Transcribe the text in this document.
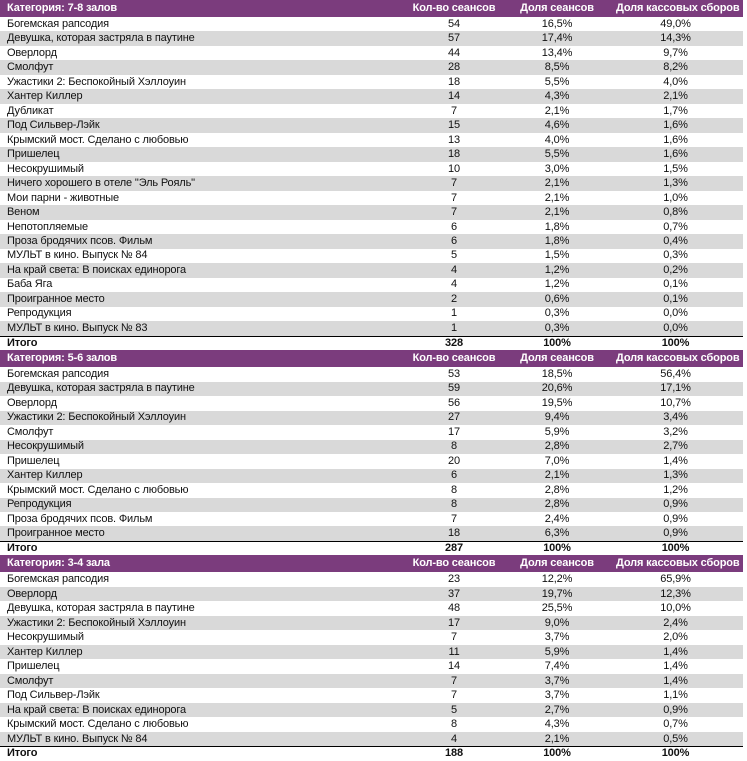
Категория: 7-8 залов	Кол-во сеансов	Доля сеансов	Доля кассовых сборов
Богемская рапсодия	54	16,5%	49,0%
Девушка, которая застряла в паутине	57	17,4%	14,3%
Оверлорд	44	13,4%	9,7%
Смолфут	28	8,5%	8,2%
Ужастики 2: Беспокойный Хэллоуин	18	5,5%	4,0%
Хантер Киллер	14	4,3%	2,1%
Дубликат	7	2,1%	1,7%
Под Сильвер-Лэйк	15	4,6%	1,6%
Крымский мост. Сделано с любовью	13	4,0%	1,6%
Пришелец	18	5,5%	1,6%
Несокрушимый	10	3,0%	1,5%
Ничего хорошего в отеле "Эль Рояль"	7	2,1%	1,3%
Мои парни - животные	7	2,1%	1,0%
Веном	7	2,1%	0,8%
Непотопляемые	6	1,8%	0,7%
Проза бродячих псов. Фильм	6	1,8%	0,4%
МУЛЬТ в кино. Выпуск № 84	5	1,5%	0,3%
На край света: В поисках единорога	4	1,2%	0,2%
Баба Яга	4	1,2%	0,1%
Проигранное место	2	0,6%	0,1%
Репродукция	1	0,3%	0,0%
МУЛЬТ в кино. Выпуск № 83	1	0,3%	0,0%
Итого	328	100%	100%
Категория: 5-6 залов	Кол-во сеансов	Доля сеансов	Доля кассовых сборов
Богемская рапсодия	53	18,5%	56,4%
Девушка, которая застряла в паутине	59	20,6%	17,1%
Оверлорд	56	19,5%	10,7%
Ужастики 2: Беспокойный Хэллоуин	27	9,4%	3,4%
Смолфут	17	5,9%	3,2%
Несокрушимый	8	2,8%	2,7%
Пришелец	20	7,0%	1,4%
Хантер Киллер	6	2,1%	1,3%
Крымский мост. Сделано с любовью	8	2,8%	1,2%
Репродукция	8	2,8%	0,9%
Проза бродячих псов. Фильм	7	2,4%	0,9%
Проигранное место	18	6,3%	0,9%
Итого	287	100%	100%
Категория: 3-4 зала	Кол-во сеансов	Доля сеансов	Доля кассовых сборов
Богемская рапсодия	23	12,2%	65,9%
Оверлорд	37	19,7%	12,3%
Девушка, которая застряла в паутине	48	25,5%	10,0%
Ужастики 2: Беспокойный Хэллоуин	17	9,0%	2,4%
Несокрушимый	7	3,7%	2,0%
Хантер Киллер	11	5,9%	1,4%
Пришелец	14	7,4%	1,4%
Смолфут	7	3,7%	1,4%
Под Сильвер-Лэйк	7	3,7%	1,1%
На край света: В поисках единорога	5	2,7%	0,9%
Крымский мост. Сделано с любовью	8	4,3%	0,7%
МУЛЬТ в кино. Выпуск № 84	4	2,1%	0,5%
Итого	188	100%	100%
